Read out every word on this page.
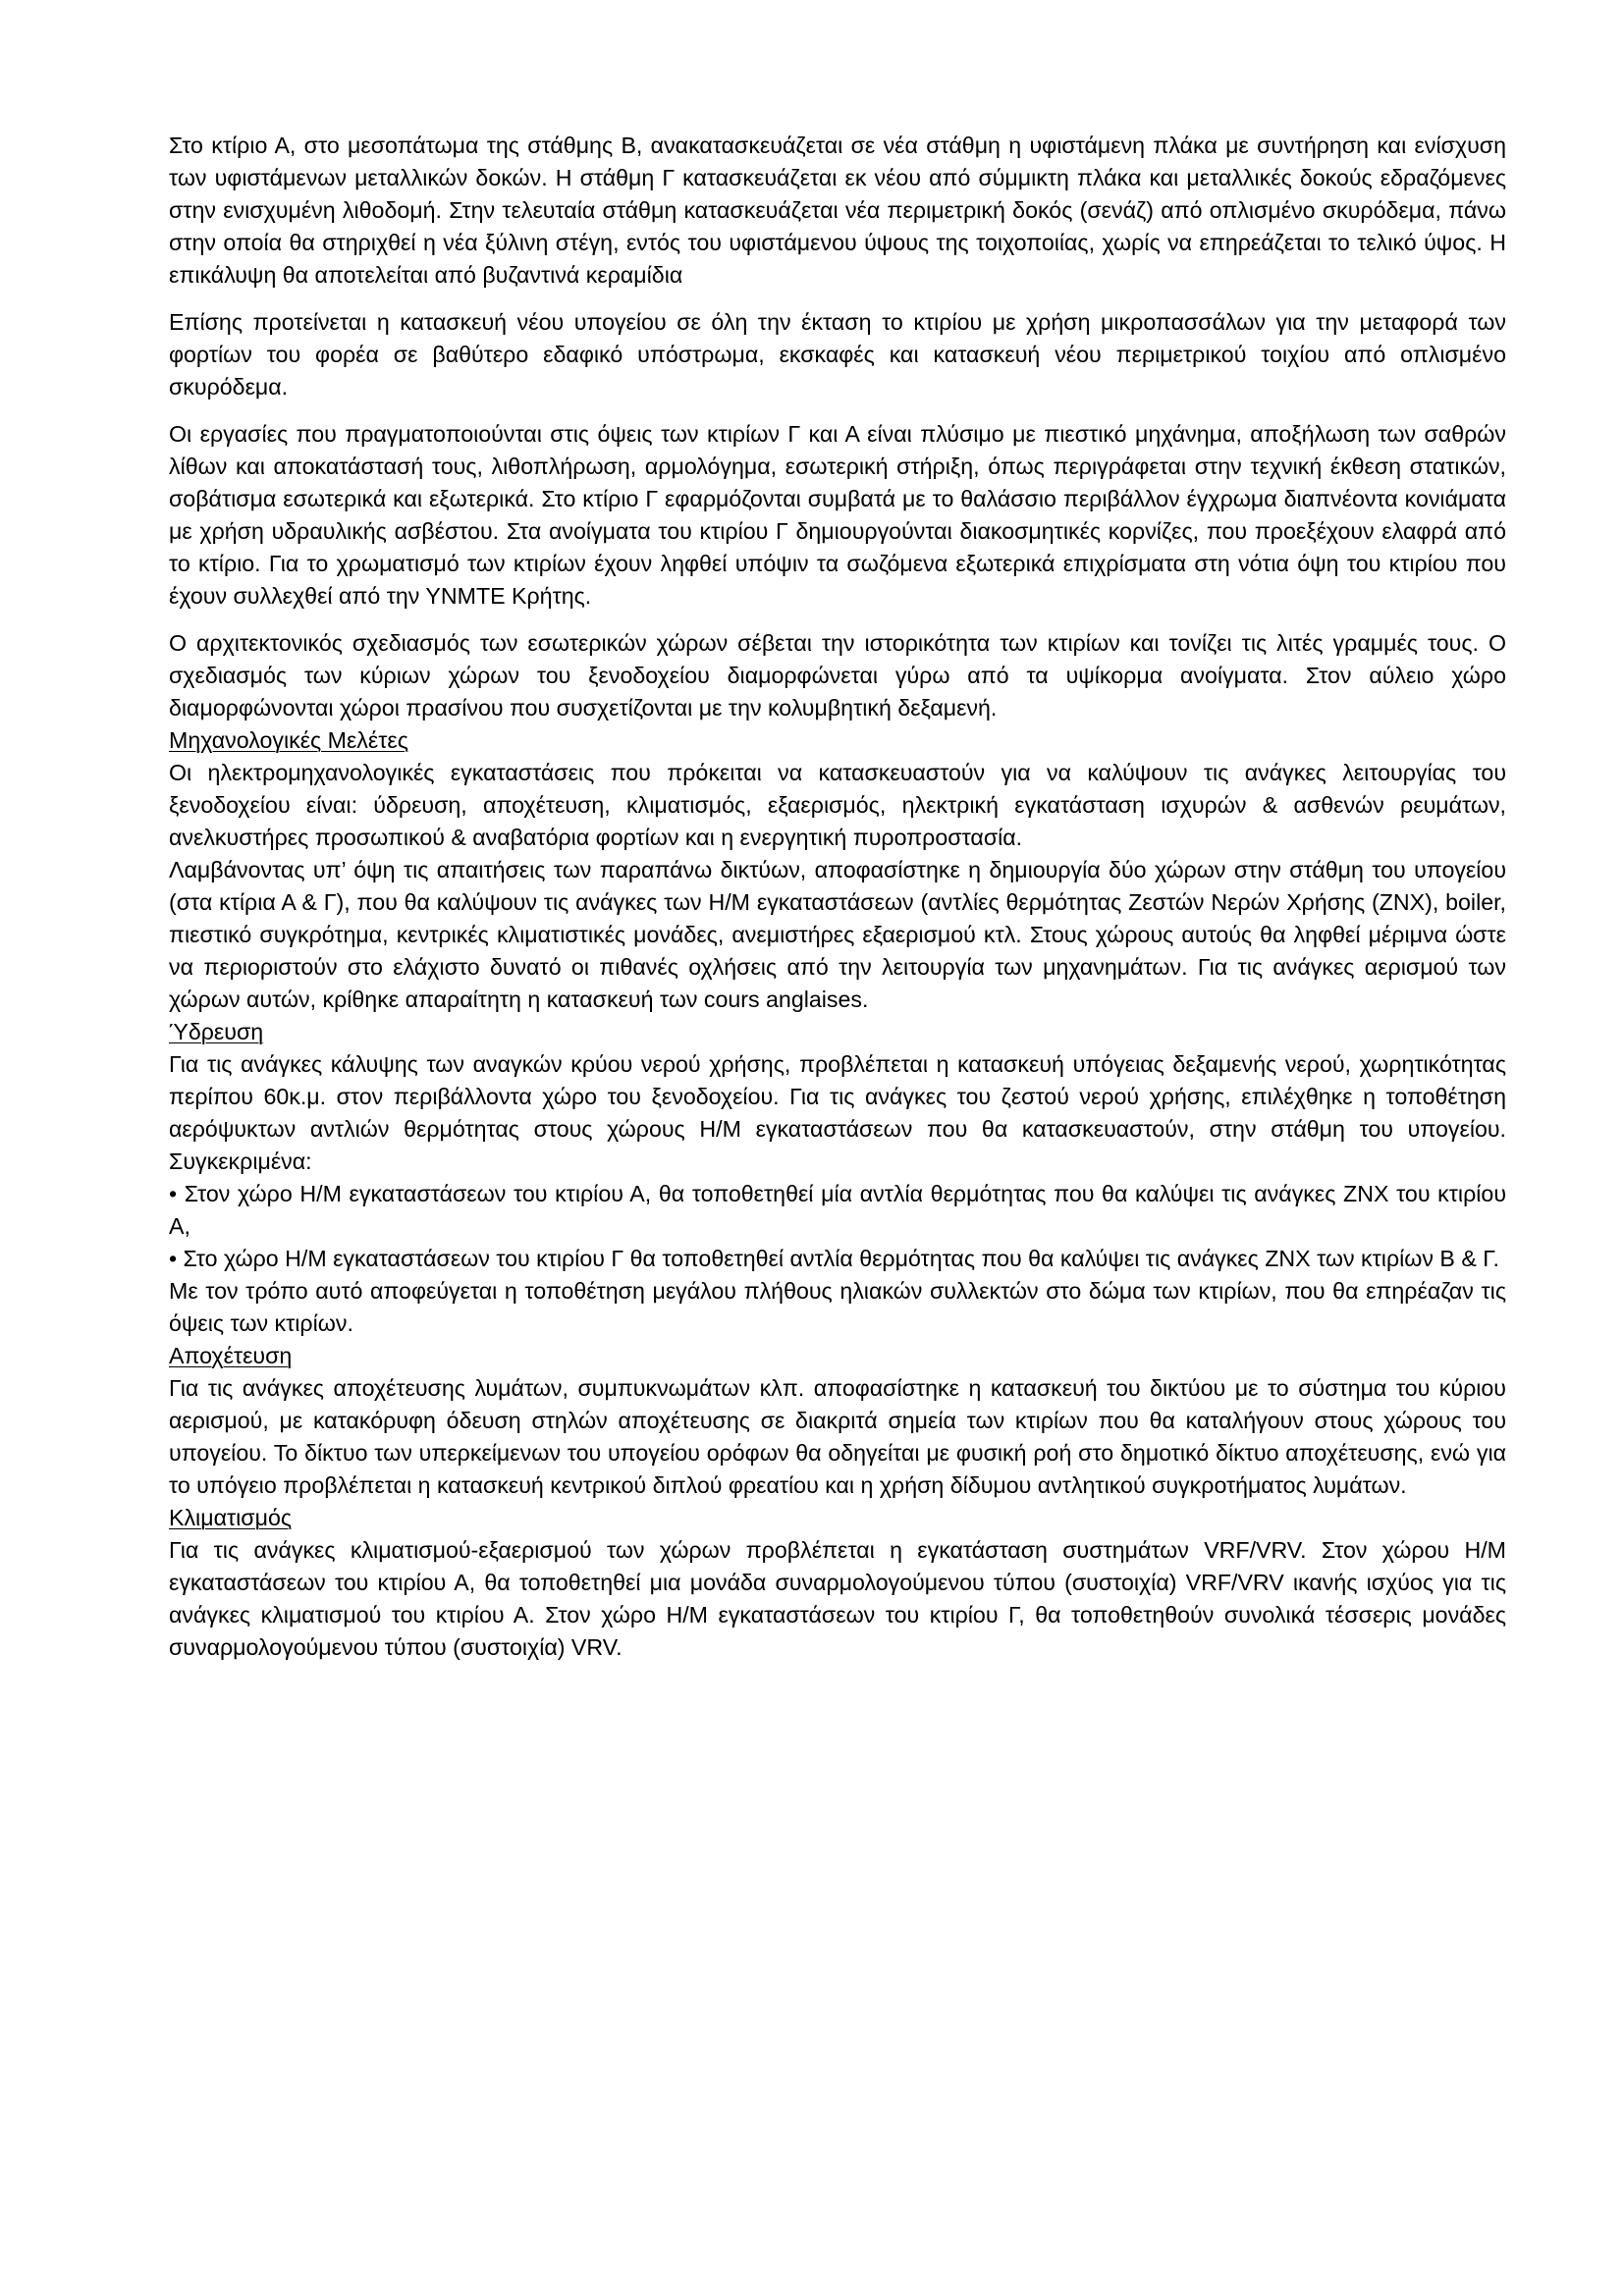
Στο κτίριο Α, στο μεσοπάτωμα της στάθμης Β, ανακατασκευάζεται σε νέα στάθμη η υφιστάμενη πλάκα με συντήρηση και ενίσχυση των υφιστάμενων μεταλλικών δοκών. Η στάθμη Γ κατασκευάζεται εκ νέου από σύμμικτη πλάκα και μεταλλικές δοκούς εδραζόμενες στην ενισχυμένη λιθοδομή. Στην τελευταία στάθμη κατασκευάζεται νέα περιμετρική δοκός (σενάζ) από οπλισμένο σκυρόδεμα, πάνω στην οποία θα στηριχθεί η νέα ξύλινη στέγη, εντός του υφιστάμενου ύψους της τοιχοποιίας, χωρίς να επηρεάζεται το τελικό ύψος. Η επικάλυψη θα αποτελείται από βυζαντινά κεραμίδια

Επίσης προτείνεται η κατασκευή νέου υπογείου σε όλη την έκταση το κτιρίου με χρήση μικροπασσάλων για την μεταφορά των φορτίων του φορέα σε βαθύτερο εδαφικό υπόστρωμα, εκσκαφές και κατασκευή νέου περιμετρικού τοιχίου από οπλισμένο σκυρόδεμα.

Οι εργασίες που πραγματοποιούνται στις όψεις των κτιρίων Γ και Α είναι πλύσιμο με πιεστικό μηχάνημα, αποξήλωση των σαθρών λίθων και αποκατάστασή τους, λιθοπλήρωση, αρμολόγημα, εσωτερική στήριξη, όπως περιγράφεται στην τεχνική έκθεση στατικών, σοβάτισμα εσωτερικά και εξωτερικά. Στο κτίριο Γ εφαρμόζονται συμβατά με το θαλάσσιο περιβάλλον έγχρωμα διαπνέοντα κονιάματα με χρήση υδραυλικής ασβέστου. Στα ανοίγματα του κτιρίου Γ δημιουργούνται διακοσμητικές κορνίζες, που προεξέχουν ελαφρά από το κτίριο. Για το χρωματισμό των κτιρίων έχουν ληφθεί υπόψιν τα σωζόμενα εξωτερικά επιχρίσματα στη νότια όψη του κτιρίου που έχουν συλλεχθεί από την ΥΝΜΤΕ Κρήτης.

Ο αρχιτεκτονικός σχεδιασμός των εσωτερικών χώρων σέβεται την ιστορικότητα των κτιρίων και τονίζει τις λιτές γραμμές τους. Ο σχεδιασμός των κύριων χώρων του ξενοδοχείου διαμορφώνεται γύρω από τα υψίκορμα ανοίγματα. Στον αύλειο χώρο διαμορφώνονται χώροι πρασίνου που συσχετίζονται με την κολυμβητική δεξαμενή.

Μηχανολογικές Μελέτες

Οι ηλεκτρομηχανολογικές εγκαταστάσεις που πρόκειται να κατασκευαστούν για να καλύψουν τις ανάγκες λειτουργίας του ξενοδοχείου είναι: ύδρευση, αποχέτευση, κλιματισμός, εξαερισμός, ηλεκτρική εγκατάσταση ισχυρών & ασθενών ρευμάτων, ανελκυστήρες προσωπικού & αναβατόρια φορτίων και η ενεργητική πυροπροστασία.

Λαμβάνοντας υπ’ όψη τις απαιτήσεις των παραπάνω δικτύων, αποφασίστηκε η δημιουργία δύο χώρων στην στάθμη του υπογείου (στα κτίρια Α & Γ), που θα καλύψουν τις ανάγκες των Η/Μ εγκαταστάσεων (αντλίες θερμότητας Ζεστών Νερών Χρήσης (ΖΝΧ), boiler, πιεστικό συγκρότημα, κεντρικές κλιματιστικές μονάδες, ανεμιστήρες εξαερισμού κτλ. Στους χώρους αυτούς θα ληφθεί μέριμνα ώστε να περιοριστούν στο ελάχιστο δυνατό οι πιθανές οχλήσεις από την λειτουργία των μηχανημάτων. Για τις ανάγκες αερισμού των χώρων αυτών, κρίθηκε απαραίτητη η κατασκευή των cours anglaises.

Ύδρευση

Για τις ανάγκες κάλυψης των αναγκών κρύου νερού χρήσης, προβλέπεται η κατασκευή υπόγειας δεξαμενής νερού, χωρητικότητας περίπου 60κ.μ. στον περιβάλλοντα χώρο του ξενοδοχείου. Για τις ανάγκες του ζεστού νερού χρήσης, επιλέχθηκε η τοποθέτηση αερόψυκτων αντλιών θερμότητας στους χώρους Η/Μ εγκαταστάσεων που θα κατασκευαστούν, στην στάθμη του υπογείου. Συγκεκριμένα:

• Στον χώρο Η/Μ εγκαταστάσεων του κτιρίου Α, θα τοποθετηθεί μία αντλία θερμότητας που θα καλύψει τις ανάγκες ΖΝΧ του κτιρίου Α,

• Στο χώρο Η/Μ εγκαταστάσεων του κτιρίου Γ θα τοποθετηθεί αντλία θερμότητας που θα καλύψει τις ανάγκες ΖΝΧ των κτιρίων Β & Γ.

Με τον τρόπο αυτό αποφεύγεται η τοποθέτηση μεγάλου πλήθους ηλιακών συλλεκτών στο δώμα των κτιρίων, που θα επηρέαζαν τις όψεις των κτιρίων.

Αποχέτευση

Για τις ανάγκες αποχέτευσης λυμάτων, συμπυκνωμάτων κλπ. αποφασίστηκε η κατασκευή του δικτύου με το σύστημα του κύριου αερισμού, με κατακόρυφη όδευση στηλών αποχέτευσης σε διακριτά σημεία των κτιρίων που θα καταλήγουν στους χώρους του υπογείου. Το δίκτυο των υπερκείμενων του υπογείου ορόφων θα οδηγείται με φυσική ροή στο δημοτικό δίκτυο αποχέτευσης, ενώ για το υπόγειο προβλέπεται η κατασκευή κεντρικού διπλού φρεατίου και η χρήση δίδυμου αντλητικού συγκροτήματος λυμάτων.

Κλιματισμός

Για τις ανάγκες κλιματισμού-εξαερισμού των χώρων προβλέπεται η εγκατάσταση συστημάτων VRF/VRV. Στον χώρου Η/Μ εγκαταστάσεων του κτιρίου Α, θα τοποθετηθεί μια μονάδα συναρμολογούμενου τύπου (συστοιχία) VRF/VRV ικανής ισχύος για τις ανάγκες κλιματισμού του κτιρίου Α. Στον χώρο Η/Μ εγκαταστάσεων του κτιρίου Γ, θα τοποθετηθούν συνολικά τέσσερις μονάδες συναρμολογούμενου τύπου (συστοιχία) VRV.
